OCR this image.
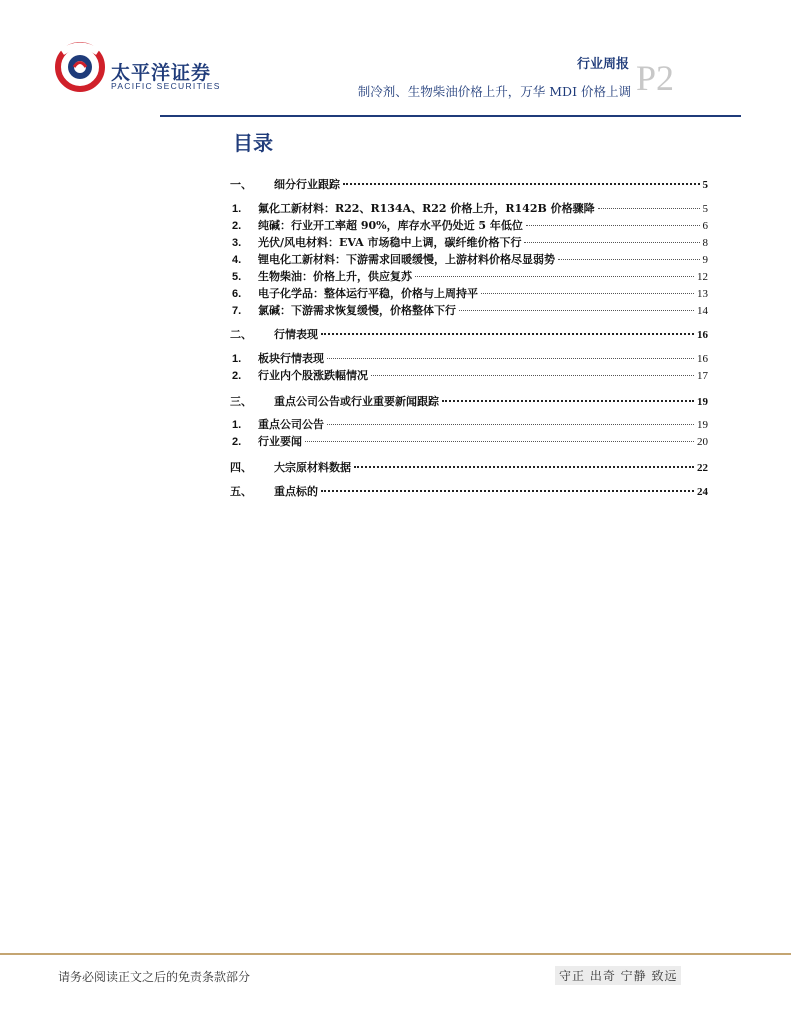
太平洋证券
PACIFIC SECURITIES
行业周报
制冷剂、生物柴油价格上升，万华 MDI 价格上调 P2
目录
一、	细分行业跟踪	5
1.	氟化工新材料：R22、R134A、R22 价格上升，R142B 价格骤降	5
2.	纯碱：行业开工率超 90%，库存水平仍处近 5 年低位	6
3.	光伏/风电材料：EVA 市场稳中上调，碳纤维价格下行	8
4.	锂电化工新材料：下游需求回暖缓慢，上游材料价格尽显弱势	9
5.	生物柴油：价格上升，供应复苏	12
6.	电子化学品：整体运行平稳，价格与上周持平	13
7.	氯碱：下游需求恢复缓慢，价格整体下行	14
二、	行情表现	16
1.	板块行情表现	16
2.	行业内个股涨跌幅情况	17
三、	重点公司公告或行业重要新闻跟踪	19
1.	重点公司公告	19
2.	行业要闻	20
四、	大宗原材料数据	22
五、	重点标的	24
请务必阅读正文之后的免责条款部分	守正 出奇 宁静 致远
